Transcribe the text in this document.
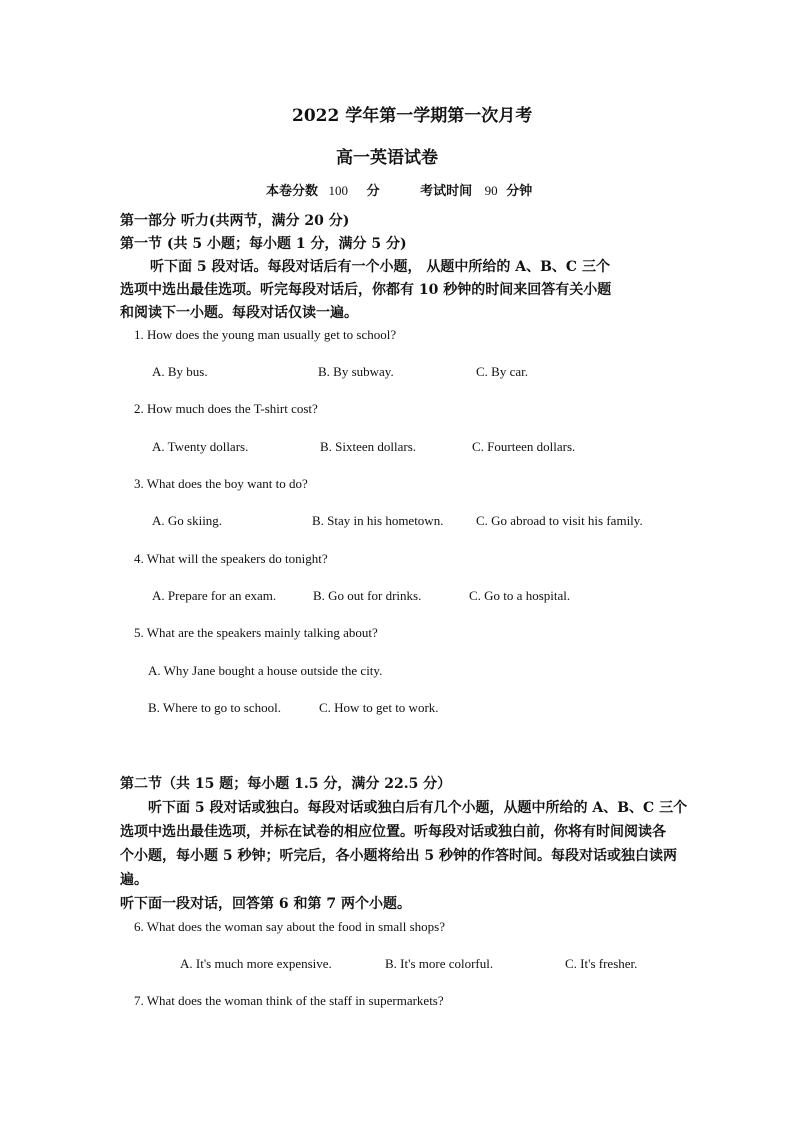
2022 学年第一学期第一次月考
高一英语试卷
本卷分数 100 分	考试时间 90 分钟
第一部分 听力(共两节，满分 20 分)
第一节 (共 5 小题；每小题 1 分，满分 5 分)
听下面 5 段对话。每段对话后有一个小题， 从题中所给的 A、B、C 三个
选项中选出最佳选项。听完每段对话后，你都有 10 秒钟的时间来回答有关小题
和阅读下一小题。每段对话仅读一遍。
1. How does the young man usually get to school?
A. By bus.	B. By subway.	C. By car.
2. How much does the T-shirt cost?
A. Twenty dollars.	B. Sixteen dollars.	C. Fourteen dollars.
3. What does the boy want to do?
A. Go skiing.	B. Stay in his hometown.	C. Go abroad to visit his family.
4. What will the speakers do tonight?
A. Prepare for an exam.	B. Go out for drinks.	C. Go to a hospital.
5. What are the speakers mainly talking about?
A. Why Jane bought a house outside the city.
B. Where to go to school.	C. How to get to work.
第二节（共 15 题；每小题 1.5 分，满分 22.5 分）
听下面 5 段对话或独白。每段对话或独白后有几个小题，从题中所给的 A、B、C 三个
选项中选出最佳选项，并标在试卷的相应位置。听每段对话或独白前，你将有时间阅读各
个小题，每小题 5 秒钟；听完后，各小题将给出 5 秒钟的作答时间。每段对话或独白读两
遍。
听下面一段对话，回答第 6 和第 7 两个小题。
6. What does the woman say about the food in small shops?
A. It's much more expensive.	B. It's more colorful.	C. It's fresher.
7. What does the woman think of the staff in supermarkets?
